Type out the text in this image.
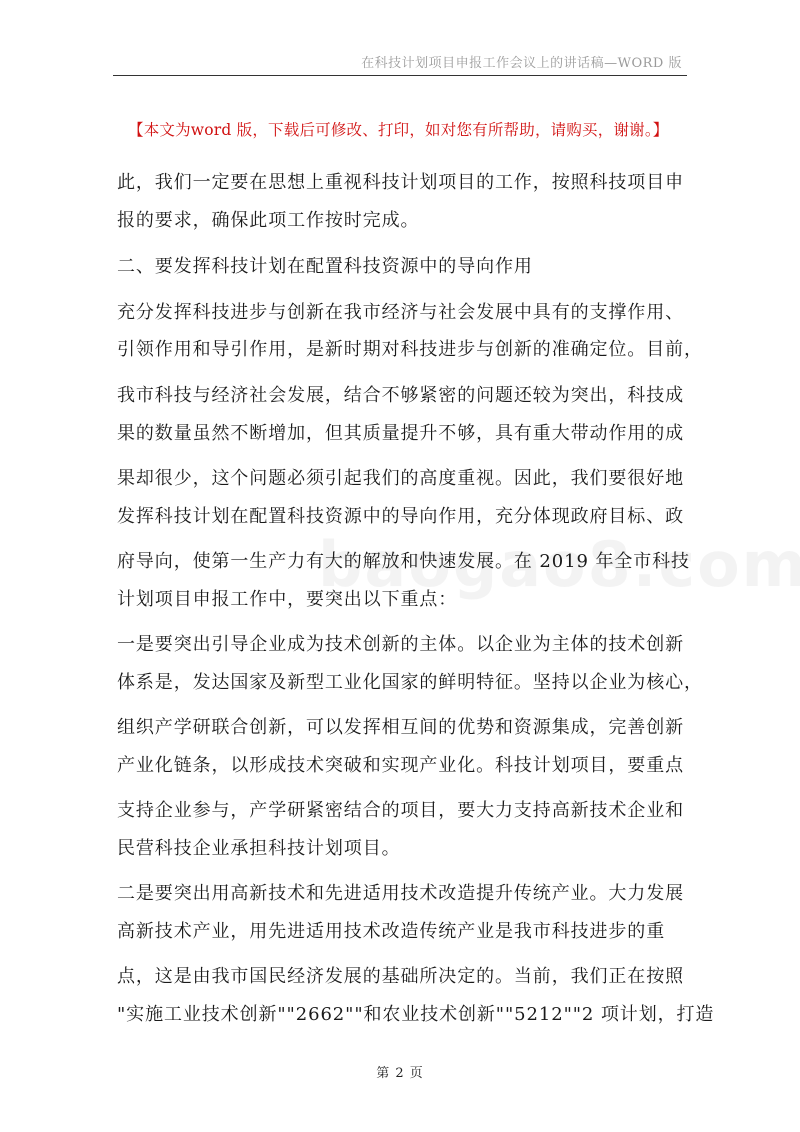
在科技计划项目申报工作会议上的讲话稿—WORD 版
【本文为word 版，下载后可修改、打印，如对您有所帮助，请购买，谢谢。】
此，我们一定要在思想上重视科技计划项目的工作，按照科技项目申
报的要求，确保此项工作按时完成。
二、要发挥科技计划在配置科技资源中的导向作用
充分发挥科技进步与创新在我市经济与社会发展中具有的支撑作用、
引领作用和导引作用，是新时期对科技进步与创新的准确定位。目前，
我市科技与经济社会发展，结合不够紧密的问题还较为突出，科技成
果的数量虽然不断增加，但其质量提升不够，具有重大带动作用的成
果却很少，这个问题必须引起我们的高度重视。因此，我们要很好地
发挥科技计划在配置科技资源中的导向作用，充分体现政府目标、政
府导向，使第一生产力有大的解放和快速发展。在 2019 年全市科技
计划项目申报工作中，要突出以下重点：
一是要突出引导企业成为技术创新的主体。以企业为主体的技术创新
体系是，发达国家及新型工业化国家的鲜明特征。坚持以企业为核心，
组织产学研联合创新，可以发挥相互间的优势和资源集成，完善创新
产业化链条，以形成技术突破和实现产业化。科技计划项目，要重点
支持企业参与，产学研紧密结合的项目，要大力支持高新技术企业和
民营科技企业承担科技计划项目。
二是要突出用高新技术和先进适用技术改造提升传统产业。大力发展
高新技术产业，用先进适用技术改造传统产业是我市科技进步的重
点，这是由我市国民经济发展的基础所决定的。当前，我们正在按照
"实施工业技术创新""2662""和农业技术创新""5212""2 项计划，打造
第 2 页
